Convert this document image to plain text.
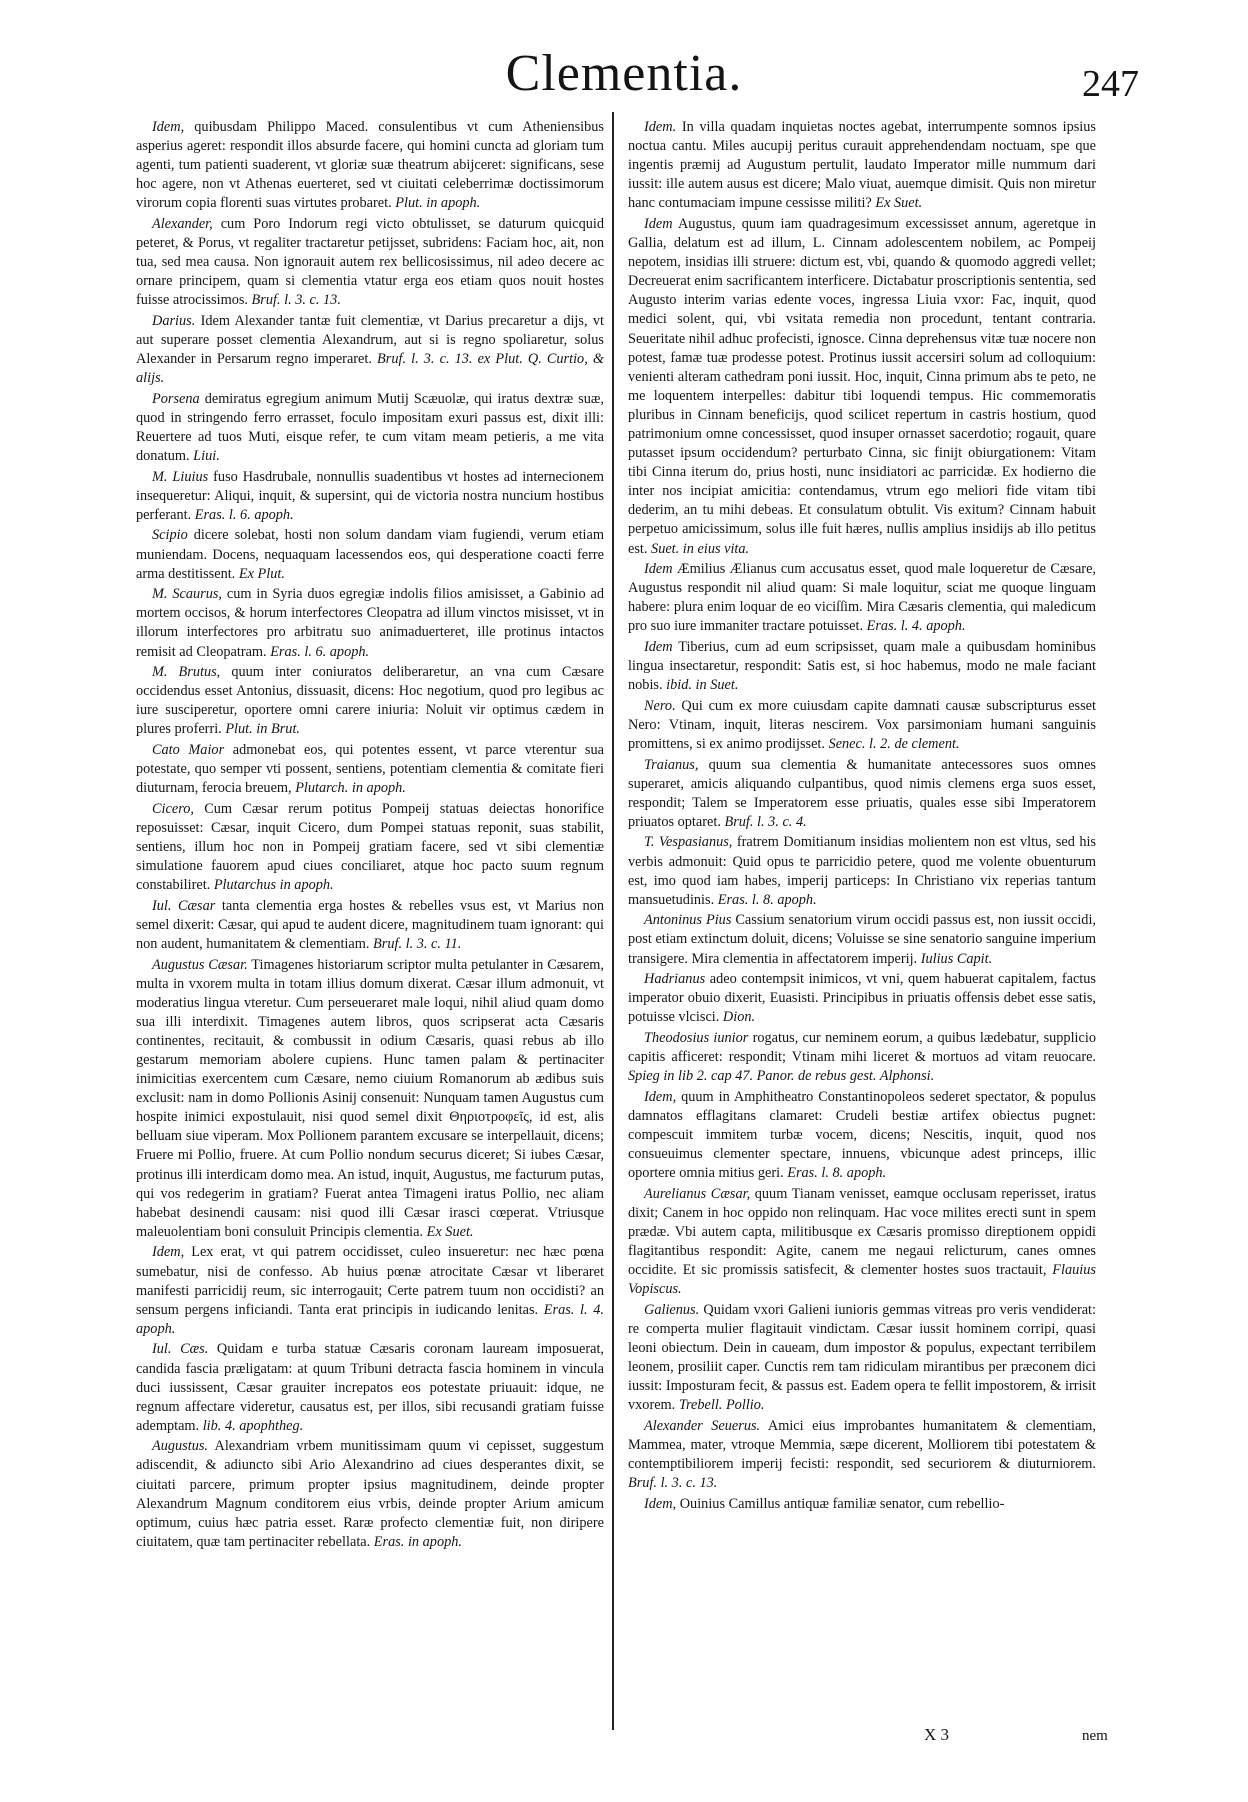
Clementia.	247

Idem, quibusdam Philippo Maced. consulentibus vt cum Atheniensibus asperius ageret: respondit illos absurde facere, qui homini cuncta ad gloriam tum agenti, tum patienti suaderent, vt gloriæ suæ theatrum abijceret: significans, sese hoc agere, non vt Athenas euerteret, sed vt ciuitati celeberrimæ doctissimorum virorum copia florenti suas virtutes probaret. Plut. in apoph.

Alexander, cum Poro Indorum regi victo obtulisset, se daturum quicquid peteret, & Porus, vt regaliter tractaretur petijsset, subridens: Faciam hoc, ait, non tua, sed mea causa. Non ignorauit autem rex bellicosissimus, nil adeo decere ac ornare principem, quam si clementia vtatur erga eos etiam quos nouit hostes fuisse atrocissimos. Bruf. l. 3. c. 13.

Darius. Idem Alexander tantæ fuit clementiæ, vt Darius precaretur a dijs, vt aut superare posset clementia Alexandrum, aut si is regno spoliaretur, solus Alexander in Persarum regno imperaret. Bruf. l. 3. c. 13. ex Plut. Q. Curtio, & alijs.

Porsena demiratus egregium animum Mutij Scæuolæ, qui iratus dextræ suæ, quod in stringendo ferro errasset, foculo impositam exuri passus est, dixit illi: Reuertere ad tuos Muti, eisque refer, te cum vitam meam petieris, a me vita donatum. Liui.

M. Liuius fuso Hasdrubale, nonnullis suadentibus vt hostes ad internecionem insequeretur: Aliqui, inquit, & supersint, qui de victoria nostra nuncium hostibus perferant. Eras. l. 6. apoph.

Scipio dicere solebat, hosti non solum dandam viam fugiendi, verum etiam muniendam. Docens, nequaquam lacessendos eos, qui desperatione coacti ferre arma destitissent. Ex Plut.

M. Scaurus, cum in Syria duos egregiæ indolis filios amisisset, a Gabinio ad mortem occisos, & horum interfectores Cleopatra ad illum vinctos misisset, vt in illorum interfectores pro arbitratu suo animaduerteret, ille protinus intactos remisit ad Cleopatram. Eras. l. 6. apoph.

M. Brutus, quum inter coniuratos deliberaretur, an vna cum Cæsare occidendus esset Antonius, dissuasit, dicens: Hoc negotium, quod pro legibus ac iure susciperetur, oportere omni carere iniuria: Noluit vir optimus cædem in plures proferri. Plut. in Brut.

Cato Maior admonebat eos, qui potentes essent, vt parce vterentur sua potestate, quo semper vti possent, sentiens, potentiam clementia & comitate fieri diuturnam, ferocia breuem, Plutarch. in apoph.

Cicero, Cum Cæsar rerum potitus Pompeij statuas deiectas honorifice reposuisset: Cæsar, inquit Cicero, dum Pompei statuas reponit, suas stabilit, sentiens, illum hoc non in Pompeij gratiam facere, sed vt sibi clementiæ simulatione fauorem apud ciues conciliaret, atque hoc pacto suum regnum constabiliret. Plutarchus in apoph.

Iul. Cæsar tanta clementia erga hostes & rebelles vsus est, vt Marius non semel dixerit: Cæsar, qui apud te audent dicere, magnitudinem tuam ignorant: qui non audent, humanitatem & clementiam. Bruf. l. 3. c. 11.

Augustus Cæsar. Timagenes historiarum scriptor multa petulanter in Cæsarem, multa in vxorem multa in totam illius domum dixerat. Cæsar illum admonuit, vt moderatius lingua vteretur. Cum perseueraret male loqui, nihil aliud quam domo sua illi interdixit. Timagenes autem libros, quos scripserat acta Cæsaris continentes, recitauit, & combussit in odium Cæsaris, quasi rebus ab illo gestarum memoriam abolere cupiens. Hunc tamen palam & pertinaciter inimicitias exercentem cum Cæsare, nemo ciuium Romanorum ab ædibus suis exclusit: nam in domo Pollionis Asinij consenuit: Nunquam tamen Augustus cum hospite inimici expostulauit, nisi quod semel dixit Θηριοτροφεῖς, id est, alis belluam siue viperam. Mox Pollionem parantem excusare se interpellauit, dicens; Fruere mi Pollio, fruere. At cum Pollio nondum securus diceret; Si iubes Cæsar, protinus illi interdicam domo mea. An istud, inquit, Augustus, me facturum putas, qui vos redegerim in gratiam? Fuerat antea Timageni iratus Pollio, nec aliam habebat desinendi causam: nisi quod illi Cæsar irasci cœperat. Vtriusque maleuolentiam boni consuluit Principis clementia. Ex Suet.

Idem, Lex erat, vt qui patrem occidisset, culeo insueretur: nec hæc pœna sumebatur, nisi de confesso. Ab huius pœnæ atrocitate Cæsar vt liberaret manifesti parricidij reum, sic interrogauit; Certe patrem tuum non occidisti? an sensum pergens inficiandi. Tanta erat principis in iudicando lenitas. Eras. l. 4. apoph.

Iul. Cæs. Quidam e turba statuæ Cæsaris coronam lauream imposuerat, candida fascia præligatam: at quum Tribuni detracta fascia hominem in vincula duci iussissent, Cæsar grauiter increpatos eos potestate priuauit: idque, ne regnum affectare videretur, causatus est, per illos, sibi recusandi gratiam fuisse ademptam. lib. 4. apophtheg.

Augustus. Alexandriam vrbem munitissimam quum vi cepisset, suggestum adiscendit, & adiuncto sibi Ario Alexandrino ad ciues desperantes dixit, se ciuitati parcere, primum propter ipsius magnitudinem, deinde propter Alexandrum Magnum conditorem eius vrbis, deinde propter Arium amicum optimum, cuius hæc patria esset. Raræ profecto clementiæ fuit, non diripere ciuitatem, quæ tam pertinaciter rebellata. Eras. in apoph.

Idem. In villa quadam inquietas noctes agebat, interrumpente somnos ipsius noctua cantu. Miles aucupij peritus curauit apprehendendam noctuam, spe que ingentis præmij ad Augustum pertulit, laudato Imperator mille nummum dari iussit: ille autem ausus est dicere; Malo viuat, auemque dimisit. Quis non miretur hanc contumaciam impune cessisse militi? Ex Suet.

Idem Augustus, quum iam quadragesimum excessisset annum, ageretque in Gallia, delatum est ad illum, L. Cinnam adolescentem nobilem, ac Pompeij nepotem, insidias illi struere: dictum est, vbi, quando & quomodo aggredi vellet; Decreuerat enim sacrificantem interficere. Dictabatur proscriptionis sententia, sed Augusto interim varias edente voces, ingressa Liuia vxor: Fac, inquit, quod medici solent, qui, vbi vsitata remedia non procedunt, tentant contraria. Seueritate nihil adhuc profecisti, ignosce. Cinna deprehensus vitæ tuæ nocere non potest, famæ tuæ prodesse potest. Protinus iussit accersiri solum ad colloquium: venienti alteram cathedram poni iussit. Hoc, inquit, Cinna primum abs te peto, ne me loquentem interpelles: dabitur tibi loquendi tempus. Hic commemoratis pluribus in Cinnam beneficijs, quod scilicet repertum in castris hostium, quod patrimonium omne concessisset, quod insuper ornasset sacerdotio; rogauit, quare putasset ipsum occidendum? perturbato Cinna, sic finijt obiurgationem: Vitam tibi Cinna iterum do, prius hosti, nunc insidiatori ac parricidæ. Ex hodierno die inter nos incipiat amicitia: contendamus, vtrum ego meliori fide vitam tibi dederim, an tu mihi debeas. Et consulatum obtulit. Vis exitum? Cinnam habuit perpetuo amicissimum, solus ille fuit hæres, nullis amplius insidijs ab illo petitus est. Suet. in eius vita.

Idem Æmilius Ælianus cum accusatus esset, quod male loqueretur de Cæsare, Augustus respondit nil aliud quam: Si male loquitur, sciat me quoque linguam habere: plura enim loquar de eo viciſſim. Mira Cæsaris clementia, qui maledicum pro suo iure immaniter tractare potuisset. Eras. l. 4. apoph.

Idem Tiberius, cum ad eum scripsisset, quam male a quibusdam hominibus lingua insectaretur, respondit: Satis est, si hoc habemus, modo ne male faciant nobis. ibid. in Suet.

Nero. Qui cum ex more cuiusdam capite damnati causæ subscripturus esset Nero: Vtinam, inquit, literas nescirem. Vox parsimoniam humani sanguinis promittens, si ex animo prodijsset. Senec. l. 2. de clement.

Traianus, quum sua clementia & humanitate antecessores suos omnes superaret, amicis aliquando culpantibus, quod nimis clemens erga suos esset, respondit; Talem se Imperatorem esse priuatis, quales esse sibi Imperatorem priuatos optaret. Bruf. l. 3. c. 4.

T. Vespasianus, fratrem Domitianum insidias molientem non est vltus, sed his verbis admonuit: Quid opus te parricidio petere, quod me volente obuenturum est, imo quod iam habes, imperij particeps: In Christiano vix reperias tantum mansuetudinis. Eras. l. 8. apoph.

Antoninus Pius Cassium senatorium virum occidi passus est, non iussit occidi, post etiam extinctum doluit, dicens; Voluisse se sine senatorio sanguine imperium transigere. Mira clementia in affectatorem imperij. Iulius Capit.

Hadrianus adeo contempsit inimicos, vt vni, quem habuerat capitalem, factus imperator obuio dixerit, Euasisti. Principibus in priuatis offensis debet esse satis, potuisse vlcisci. Dion.

Theodosius iunior rogatus, cur neminem eorum, a quibus lædebatur, supplicio capitis afficeret: respondit; Vtinam mihi liceret & mortuos ad vitam reuocare. Spieg in lib 2. cap 47. Panor. de rebus gest. Alphonsi.

Idem, quum in Amphitheatro Constantinopoleos sederet spectator, & populus damnatos efflagitans clamaret: Crudeli bestiæ artifex obiectus pugnet: compescuit immitem turbæ vocem, dicens; Nescitis, inquit, quod nos consueuimus clementer spectare, innuens, vbicunque adest princeps, illic oportere omnia mitius geri. Eras. l. 8. apoph.

Aurelianus Cæsar, quum Tianam venisset, eamque occlusam reperisset, iratus dixit; Canem in hoc oppido non relinquam. Hac voce milites erecti sunt in spem prædæ. Vbi autem capta, militibusque ex Cæsaris promisso direptionem oppidi flagitantibus respondit: Agite, canem me negaui relicturum, canes omnes occidite. Et sic promissis satisfecit, & clementer hostes suos tractauit, Flauius Vopiscus.

Galienus. Quidam vxori Galieni iunioris gemmas vitreas pro veris vendiderat: re comperta mulier flagitauit vindictam. Cæsar iussit hominem corripi, quasi leoni obiectum. Dein in caueam, dum impostor & populus, expectant terribilem leonem, prosiliit caper. Cunctis rem tam ridiculam mirantibus per præconem dici iussit: Imposturam fecit, & passus est. Eadem opera te fellit impostorem, & irrisit vxorem. Trebell. Pollio.

Alexander Seuerus. Amici eius improbantes humanitatem & clementiam, Mammea, mater, vtroque Memmia, sæpe dicerent, Molliorem tibi potestatem & contemptibiliorem imperij fecisti: respondit, sed securiorem & diuturniorem. Bruf. l. 3. c. 13.

Idem, Ouinius Camillus antiquæ familiæ senator, cum rebellio-

X 3	nem
